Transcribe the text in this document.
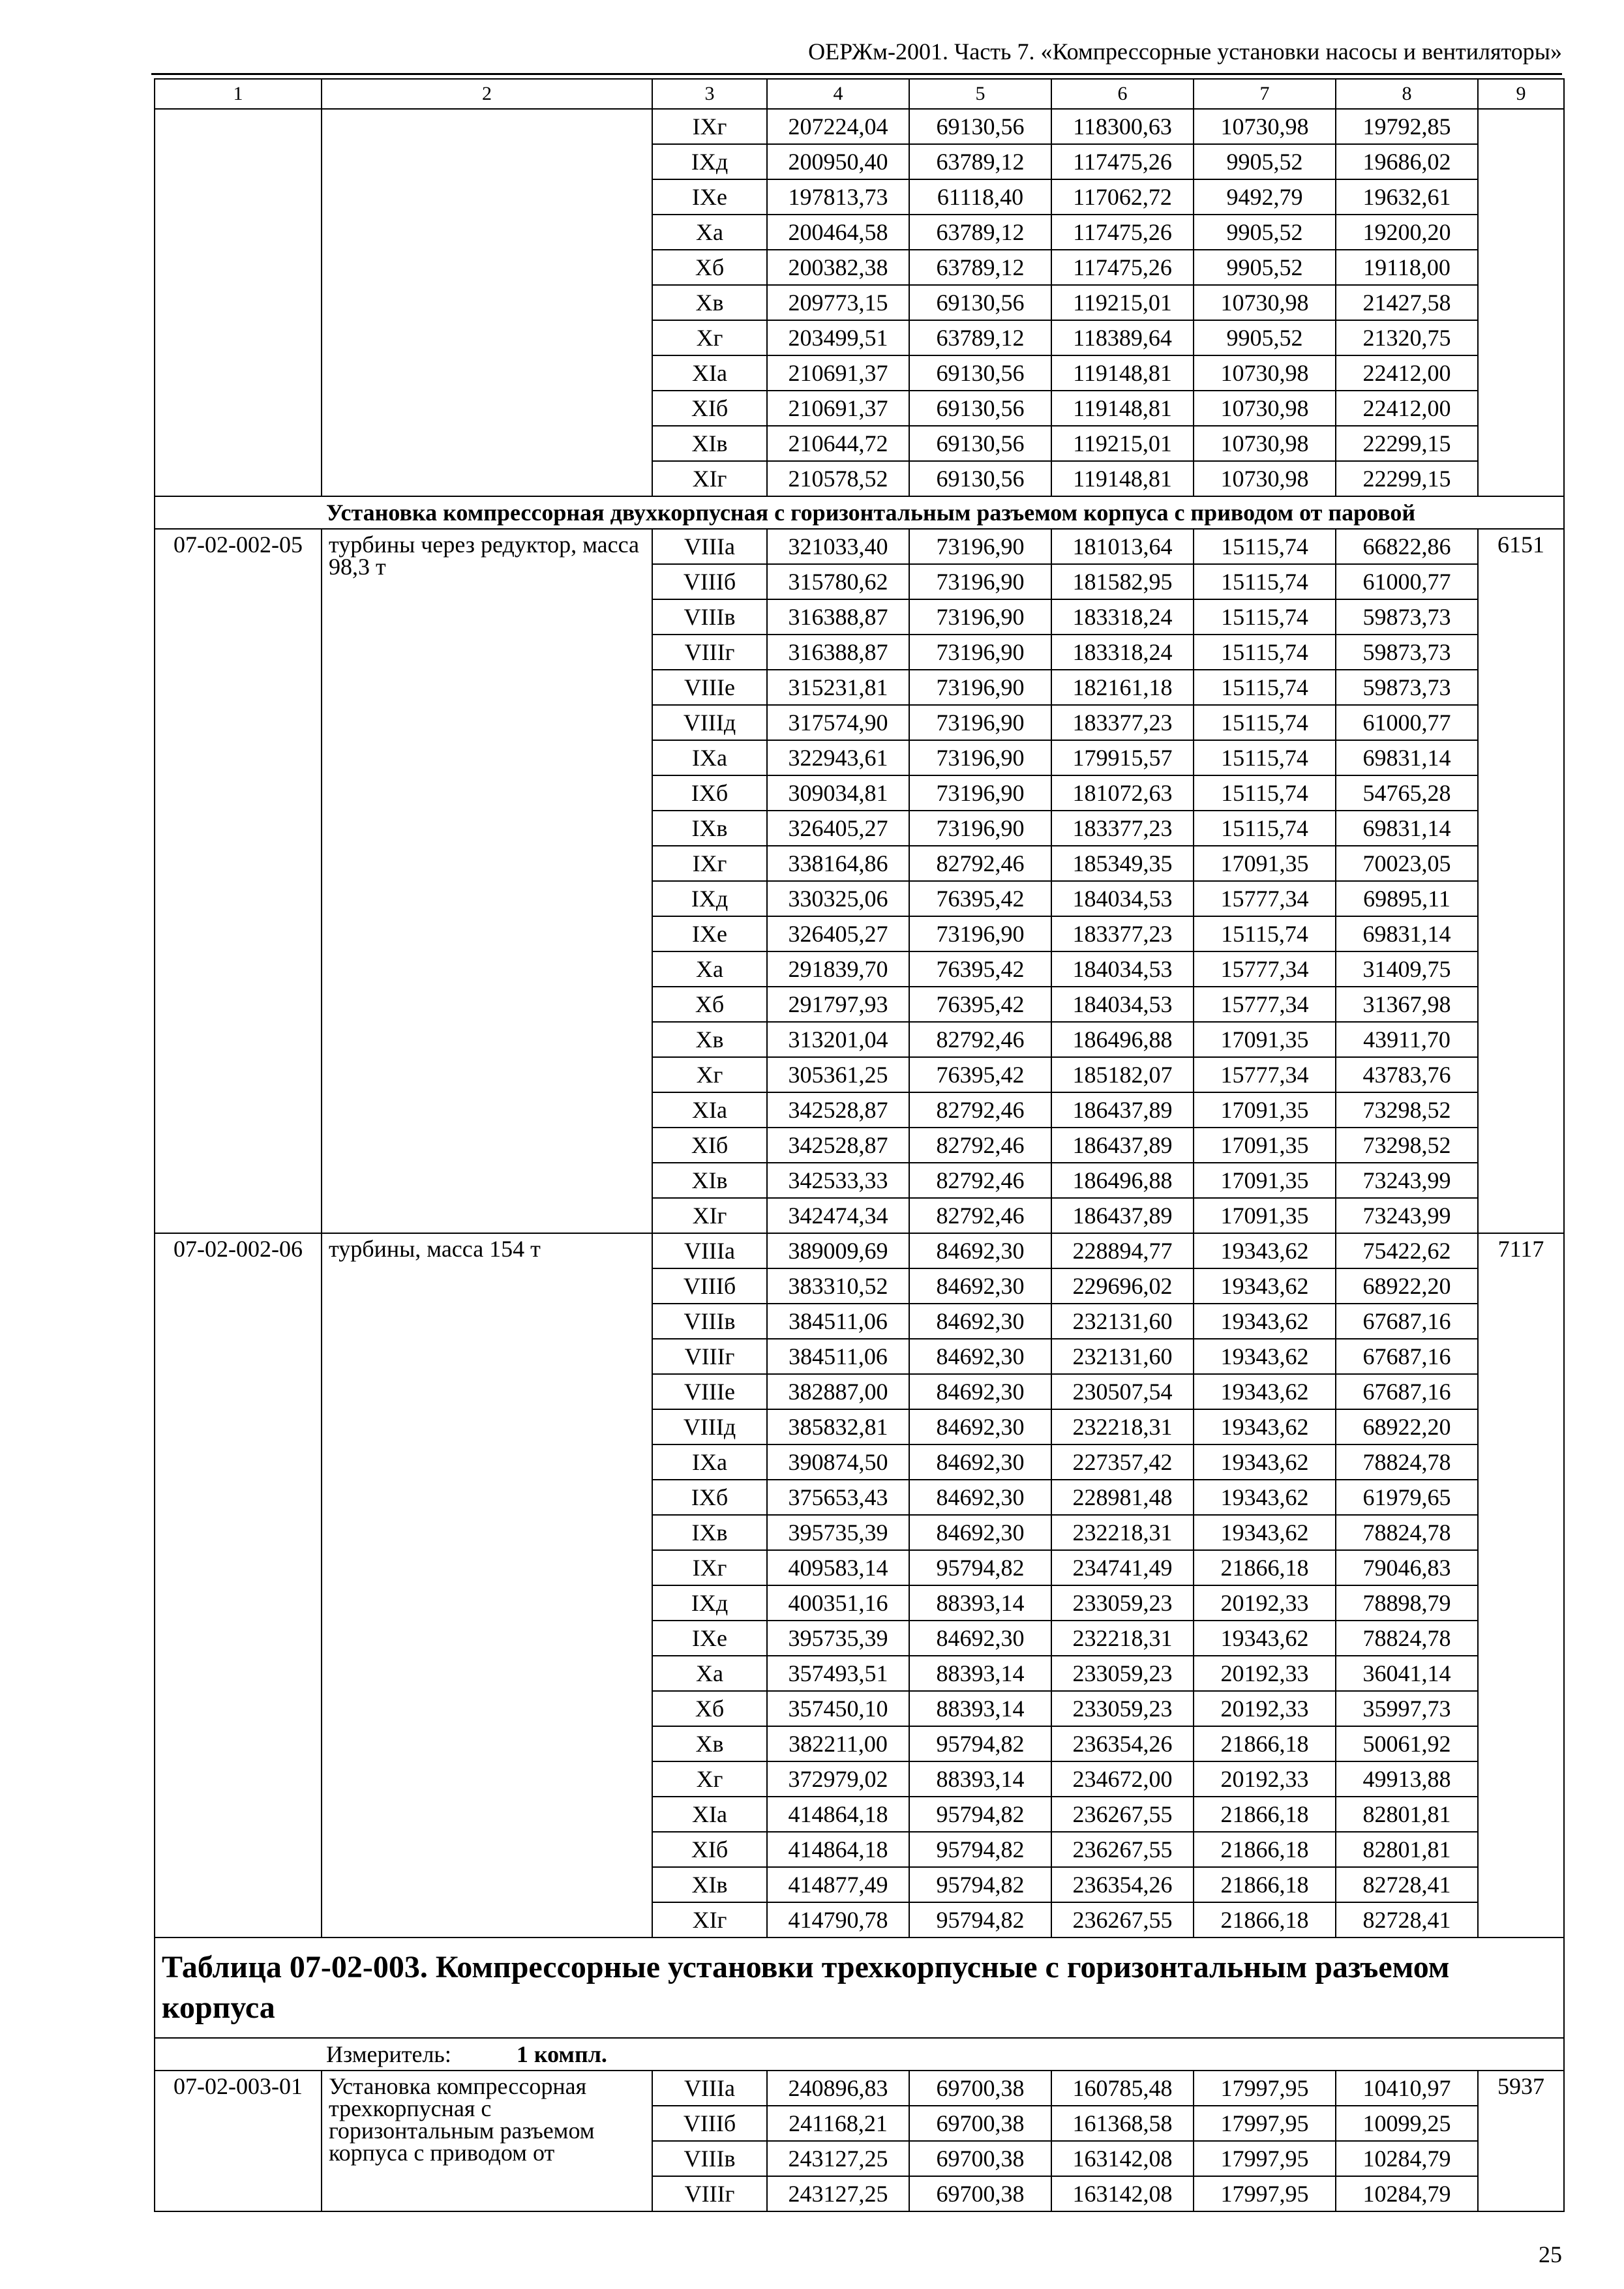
ОЕРЖм-2001. Часть 7. «Компрессорные установки насосы и вентиляторы»
1	2	3	4	5	6	7	8	9
		IXг	207224,04	69130,56	118300,63	10730,98	19792,85	
		IXд	200950,40	63789,12	117475,26	9905,52	19686,02	
		IXе	197813,73	61118,40	117062,72	9492,79	19632,61	
		Xа	200464,58	63789,12	117475,26	9905,52	19200,20	
		Xб	200382,38	63789,12	117475,26	9905,52	19118,00	
		Xв	209773,15	69130,56	119215,01	10730,98	21427,58	
		Xг	203499,51	63789,12	118389,64	9905,52	21320,75	
		XIа	210691,37	69130,56	119148,81	10730,98	22412,00	
		XIб	210691,37	69130,56	119148,81	10730,98	22412,00	
		XIв	210644,72	69130,56	119215,01	10730,98	22299,15	
		XIг	210578,52	69130,56	119148,81	10730,98	22299,15	
Установка компрессорная двухкорпусная с горизонтальным разъемом корпуса с приводом от паровой								
07-02-002-05	турбины через редуктор, масса 98,3 т	VIIIа	321033,40	73196,90	181013,64	15115,74	66822,86	6151
		VIIIб	315780,62	73196,90	181582,95	15115,74	61000,77	
		VIIIв	316388,87	73196,90	183318,24	15115,74	59873,73	
		VIIIг	316388,87	73196,90	183318,24	15115,74	59873,73	
		VIIIе	315231,81	73196,90	182161,18	15115,74	59873,73	
		VIIIд	317574,90	73196,90	183377,23	15115,74	61000,77	
		IXа	322943,61	73196,90	179915,57	15115,74	69831,14	
		IXб	309034,81	73196,90	181072,63	15115,74	54765,28	
		IXв	326405,27	73196,90	183377,23	15115,74	69831,14	
		IXг	338164,86	82792,46	185349,35	17091,35	70023,05	
		IXд	330325,06	76395,42	184034,53	15777,34	69895,11	
		IXе	326405,27	73196,90	183377,23	15115,74	69831,14	
		Xа	291839,70	76395,42	184034,53	15777,34	31409,75	
		Xб	291797,93	76395,42	184034,53	15777,34	31367,98	
		Xв	313201,04	82792,46	186496,88	17091,35	43911,70	
		Xг	305361,25	76395,42	185182,07	15777,34	43783,76	
		XIа	342528,87	82792,46	186437,89	17091,35	73298,52	
		XIб	342528,87	82792,46	186437,89	17091,35	73298,52	
		XIв	342533,33	82792,46	186496,88	17091,35	73243,99	
		XIг	342474,34	82792,46	186437,89	17091,35	73243,99	
07-02-002-06	турбины, масса 154 т	VIIIа	389009,69	84692,30	228894,77	19343,62	75422,62	7117
		VIIIб	383310,52	84692,30	229696,02	19343,62	68922,20	
		VIIIв	384511,06	84692,30	232131,60	19343,62	67687,16	
		VIIIг	384511,06	84692,30	232131,60	19343,62	67687,16	
		VIIIе	382887,00	84692,30	230507,54	19343,62	67687,16	
		VIIIд	385832,81	84692,30	232218,31	19343,62	68922,20	
		IXа	390874,50	84692,30	227357,42	19343,62	78824,78	
		IXб	375653,43	84692,30	228981,48	19343,62	61979,65	
		IXв	395735,39	84692,30	232218,31	19343,62	78824,78	
		IXг	409583,14	95794,82	234741,49	21866,18	79046,83	
		IXд	400351,16	88393,14	233059,23	20192,33	78898,79	
		IXе	395735,39	84692,30	232218,31	19343,62	78824,78	
		Xа	357493,51	88393,14	233059,23	20192,33	36041,14	
		Xб	357450,10	88393,14	233059,23	20192,33	35997,73	
		Xв	382211,00	95794,82	236354,26	21866,18	50061,92	
		Xг	372979,02	88393,14	234672,00	20192,33	49913,88	
		XIа	414864,18	95794,82	236267,55	21866,18	82801,81	
		XIб	414864,18	95794,82	236267,55	21866,18	82801,81	
		XIв	414877,49	95794,82	236354,26	21866,18	82728,41	
		XIг	414790,78	95794,82	236267,55	21866,18	82728,41	
Таблица 07-02-003. Компрессорные установки трехкорпусные с горизонтальным разъемом корпуса								
Измеритель: 1 компл.								
07-02-003-01	Установка компрессорная трехкорпусная с горизонтальным разъемом корпуса с приводом от	VIIIа	240896,83	69700,38	160785,48	17997,95	10410,97	5937
		VIIIб	241168,21	69700,38	161368,58	17997,95	10099,25	
		VIIIв	243127,25	69700,38	163142,08	17997,95	10284,79	
		VIIIг	243127,25	69700,38	163142,08	17997,95	10284,79	
25
